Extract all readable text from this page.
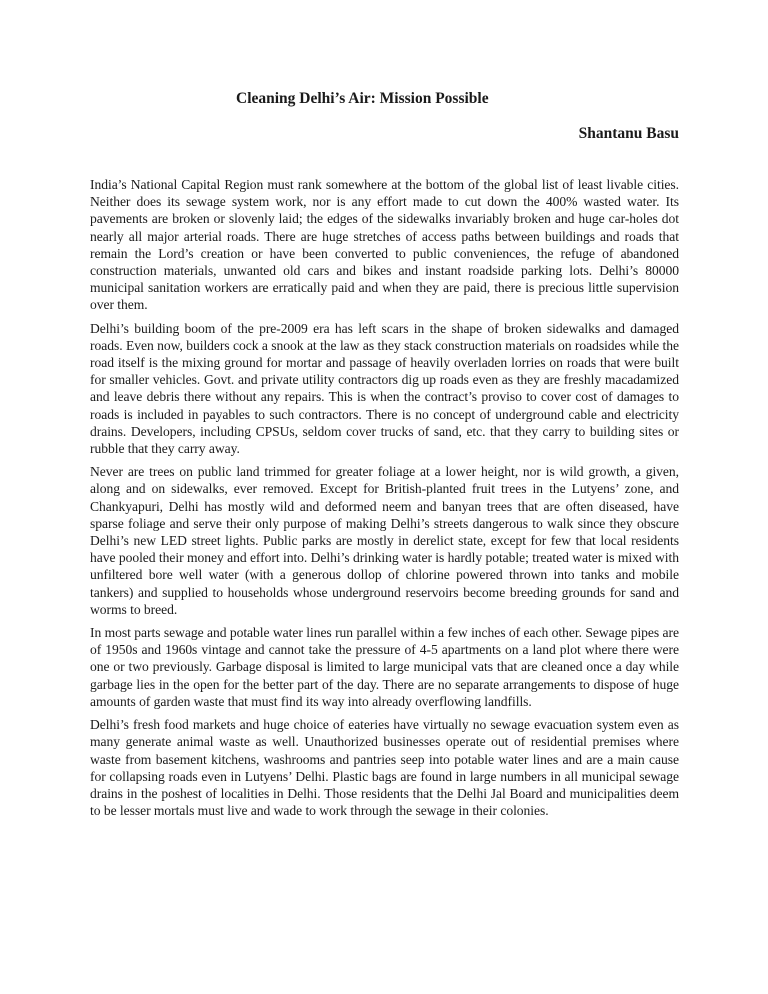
Cleaning Delhi’s Air: Mission Possible
Shantanu Basu

India’s National Capital Region must rank somewhere at the bottom of the global list of least livable cities. Neither does its sewage system work, nor is any effort made to cut down the 400% wasted water. Its pavements are broken or slovenly laid; the edges of the sidewalks invariably broken and huge car-holes dot nearly all major arterial roads. There are huge stretches of access paths between buildings and roads that remain the Lord’s creation or have been converted to public conveniences, the refuge of abandoned construction materials, unwanted old cars and bikes and instant roadside parking lots. Delhi’s 80000 municipal sanitation workers are erratically paid and when they are paid, there is precious little supervision over them.

Delhi’s building boom of the pre-2009 era has left scars in the shape of broken sidewalks and damaged roads. Even now, builders cock a snook at the law as they stack construction materials on roadsides while the road itself is the mixing ground for mortar and passage of heavily overladen lorries on roads that were built for smaller vehicles. Govt. and private utility contractors dig up roads even as they are freshly macadamized and leave debris there without any repairs. This is when the contract’s proviso to cover cost of damages to roads is included in payables to such contractors. There is no concept of underground cable and electricity drains. Developers, including CPSUs, seldom cover trucks of sand, etc. that they carry to building sites or rubble that they carry away.

Never are trees on public land trimmed for greater foliage at a lower height, nor is wild growth, a given, along and on sidewalks, ever removed. Except for British-planted fruit trees in the Lutyens’ zone, and Chankyapuri, Delhi has mostly wild and deformed neem and banyan trees that are often diseased, have sparse foliage and serve their only purpose of making Delhi’s streets dangerous to walk since they obscure Delhi’s new LED street lights. Public parks are mostly in derelict state, except for few that local residents have pooled their money and effort into. Delhi’s drinking water is hardly potable; treated water is mixed with unfiltered bore well water (with a generous dollop of chlorine powered thrown into tanks and mobile tankers) and supplied to households whose underground reservoirs become breeding grounds for sand and worms to breed.

In most parts sewage and potable water lines run parallel within a few inches of each other. Sewage pipes are of 1950s and 1960s vintage and cannot take the pressure of 4-5 apartments on a land plot where there were one or two previously. Garbage disposal is limited to large municipal vats that are cleaned once a day while garbage lies in the open for the better part of the day. There are no separate arrangements to dispose of huge amounts of garden waste that must find its way into already overflowing landfills.

Delhi’s fresh food markets and huge choice of eateries have virtually no sewage evacuation system even as many generate animal waste as well. Unauthorized businesses operate out of residential premises where waste from basement kitchens, washrooms and pantries seep into potable water lines and are a main cause for collapsing roads even in Lutyens’ Delhi. Plastic bags are found in large numbers in all municipal sewage drains in the poshest of localities in Delhi. Those residents that the Delhi Jal Board and municipalities deem to be lesser mortals must live and wade to work through the sewage in their colonies.
